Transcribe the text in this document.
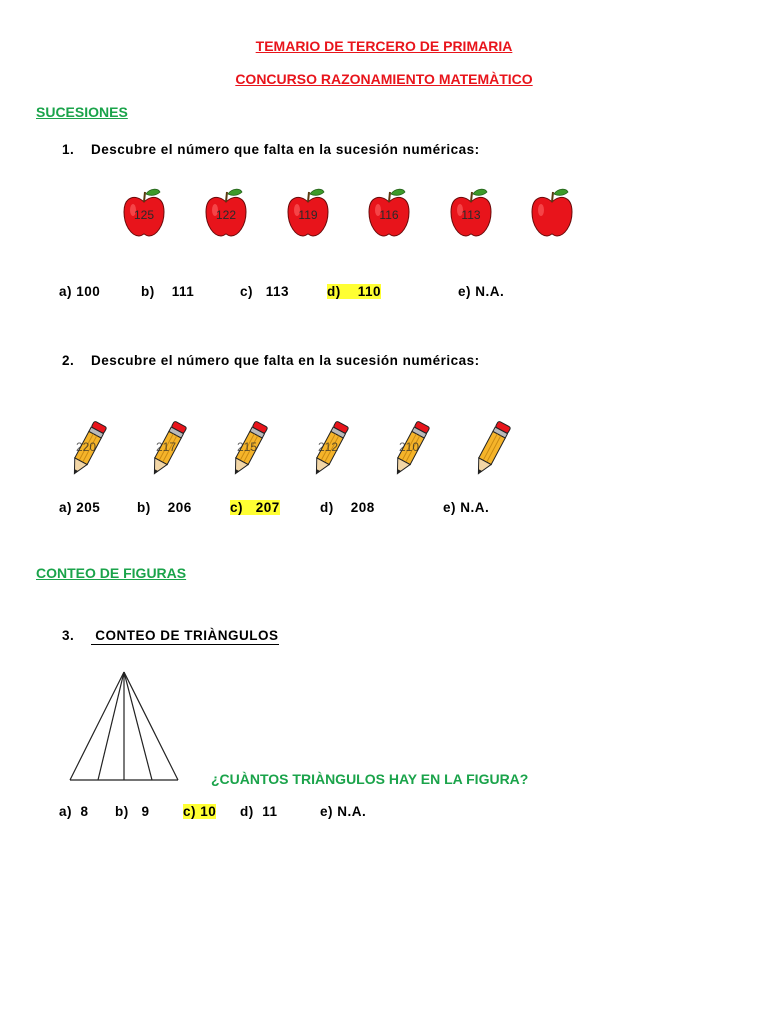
TEMARIO DE TERCERO DE PRIMARIA
CONCURSO RAZONAMIENTO MATEMÀTICO
SUCESIONES
1. Descubre el número que falta en la sucesión numéricas:
125	122	119	116	113
a) 100	b)    111	c)   113	d)    110	e) N.A.
2. Descubre el número que falta en la sucesión numéricas:
220	217	215	212	210
a) 205	b)    206	c)   207	d)    208	e) N.A.
CONTEO DE FIGURAS
3. CONTEO DE TRIÀNGULOS
¿CUÀNTOS TRIÀNGULOS HAY EN LA FIGURA?
a)  8 b)   9 c) 10 d)  11	e) N.A.
